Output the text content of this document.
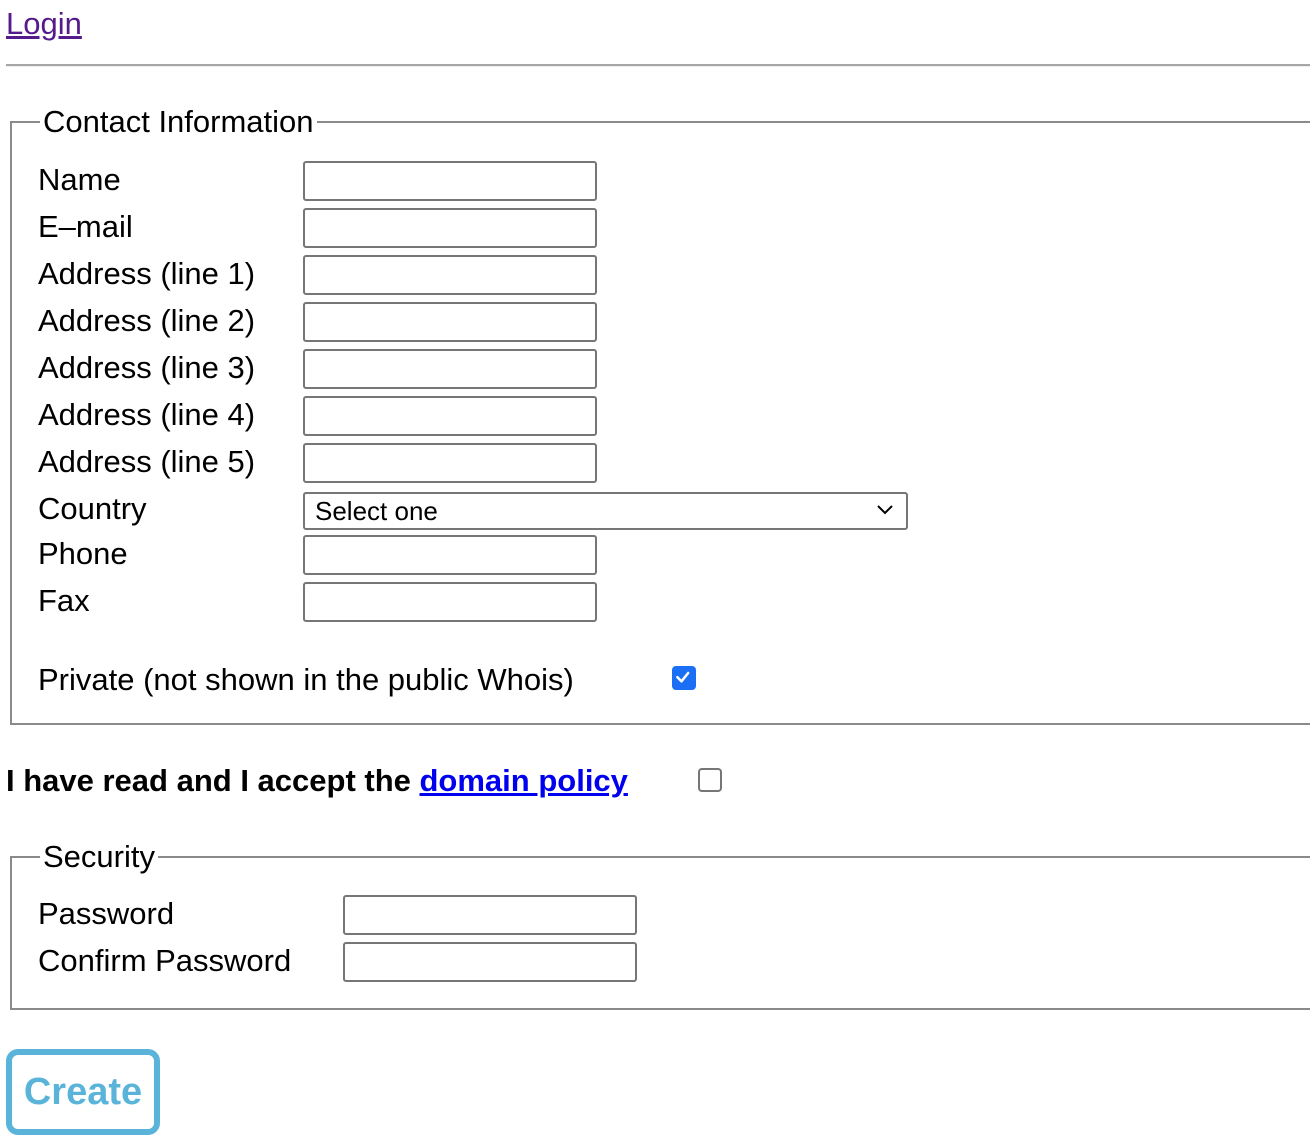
Login
Contact Information
Name
E–mail
Address (line 1)
Address (line 2)
Address (line 3)
Address (line 4)
Address (line 5)
Country	Select one
Phone
Fax
Private (not shown in the public Whois)
I have read and I accept the domain policy
Security
Password
Confirm Password
Create
